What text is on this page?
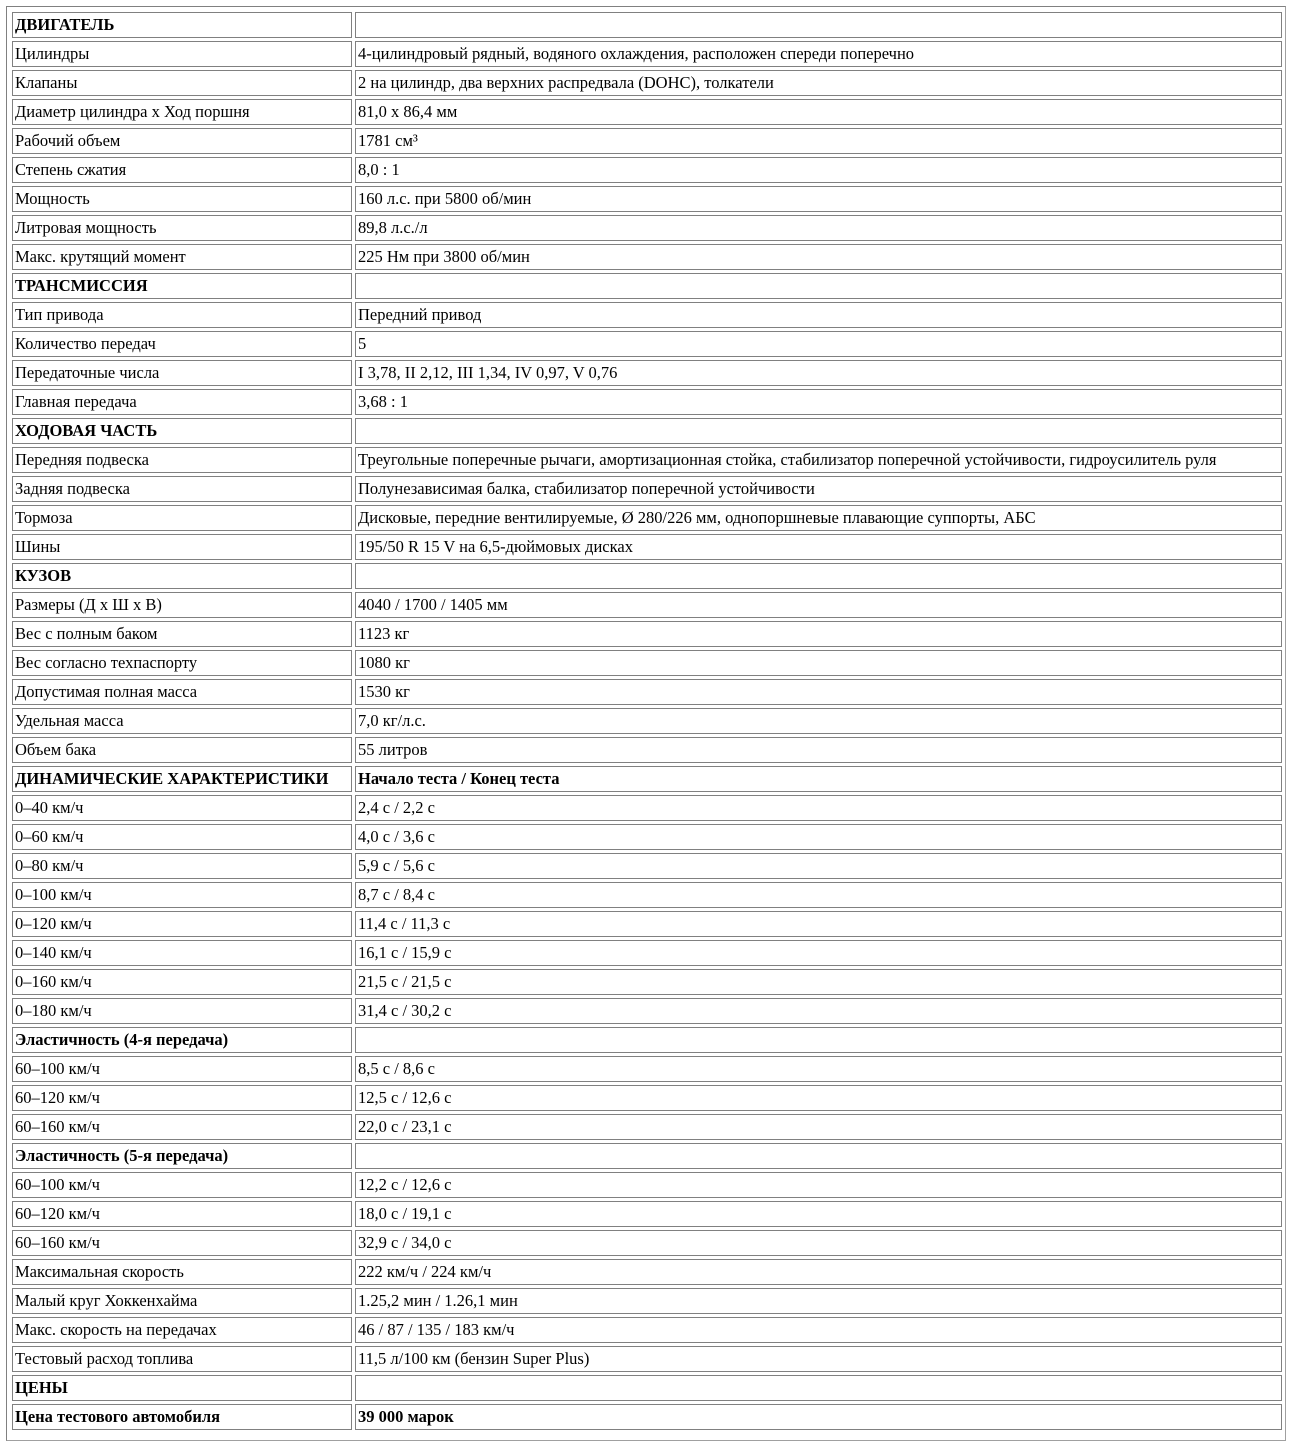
ДВИГАТЕЛЬ	
Цилиндры	4-цилиндровый рядный, водяного охлаждения, расположен спереди поперечно
Клапаны	2 на цилиндр, два верхних распредвала (DOHC), толкатели
Диаметр цилиндра х Ход поршня	81,0 х 86,4 мм
Рабочий объем	1781 см³
Степень сжатия	8,0 : 1
Мощность	160 л.с. при 5800 об/мин
Литровая мощность	89,8 л.с./л
Макс. крутящий момент	225 Нм при 3800 об/мин
ТРАНСМИССИЯ	
Тип привода	Передний привод
Количество передач	5
Передаточные числа	I 3,78, II 2,12, III 1,34, IV 0,97, V 0,76
Главная передача	3,68 : 1
ХОДОВАЯ ЧАСТЬ	
Передняя подвеска	Треугольные поперечные рычаги, амортизационная стойка, стабилизатор поперечной устойчивости, гидроусилитель руля
Задняя подвеска	Полунезависимая балка, стабилизатор поперечной устойчивости
Тормоза	Дисковые, передние вентилируемые, Ø 280/226 мм, однопоршневые плавающие суппорты, АБС
Шины	195/50 R 15 V на 6,5-дюймовых дисках
КУЗОВ	
Размеры (Д х Ш х В)	4040 / 1700 / 1405 мм
Вес с полным баком	1123 кг
Вес согласно техпаспорту	1080 кг
Допустимая полная масса	1530 кг
Удельная масса	7,0 кг/л.с.
Объем бака	55 литров
ДИНАМИЧЕСКИЕ ХАРАКТЕРИСТИКИ	Начало теста / Конец теста
0–40 км/ч	2,4 с / 2,2 с
0–60 км/ч	4,0 с / 3,6 с
0–80 км/ч	5,9 с / 5,6 с
0–100 км/ч	8,7 с / 8,4 с
0–120 км/ч	11,4 с / 11,3 с
0–140 км/ч	16,1 с / 15,9 с
0–160 км/ч	21,5 с / 21,5 с
0–180 км/ч	31,4 с / 30,2 с
Эластичность (4-я передача)	
60–100 км/ч	8,5 с / 8,6 с
60–120 км/ч	12,5 с / 12,6 с
60–160 км/ч	22,0 с / 23,1 с
Эластичность (5-я передача)	
60–100 км/ч	12,2 с / 12,6 с
60–120 км/ч	18,0 с / 19,1 с
60–160 км/ч	32,9 с / 34,0 с
Максимальная скорость	222 км/ч / 224 км/ч
Малый круг Хоккенхайма	1.25,2 мин / 1.26,1 мин
Макс. скорость на передачах	46 / 87 / 135 / 183 км/ч
Тестовый расход топлива	11,5 л/100 км (бензин Super Plus)
ЦЕНЫ	
Цена тестового автомобиля	39 000 марок
